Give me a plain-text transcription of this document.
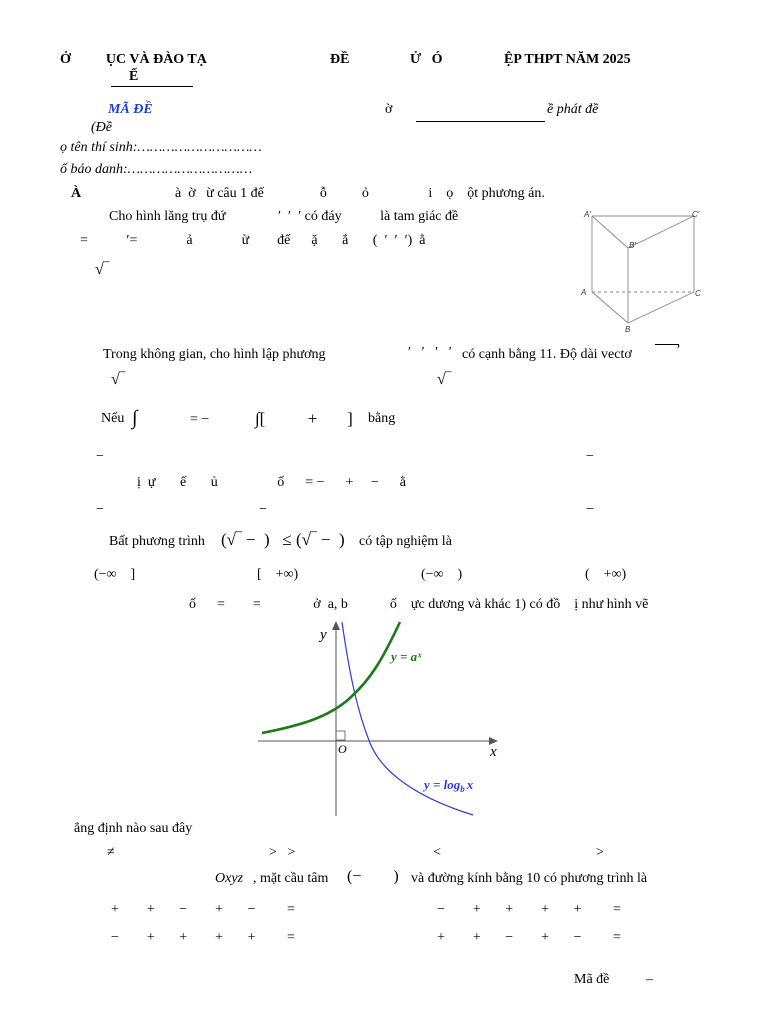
Ở          ỤC VÀ ĐÀO TẠ
Ế
ĐỀ	Ử   Ó	ỆP THPT NĂM 2025
MÃ ĐỀ
(Đề
ờ	ề phát đề
ọ tên thí sinh:…………………………
ố báo danh:…………………………
À	à  ờ   ừ câu 1 đế                ỗ          ỏ                 i    ọ    ột phương án.
Cho hình lăng trụ đứ               ′  ′  ′ có đáy           là tam giác đề
=           ′=              ả              ừ        đế      ặ       ắ       (  ′  ′  ′)  ằ
√‾
A′	C′
B′
A	C
B
Trong không gian, cho hình lập phương	′   ′   ′   ′ có cạnh bằng 11. Độ dài vectơ	′
√‾	√‾
Nếu ∫	= −	∫[          +       ] bằng
−	−
ị  ự       ế       ủ                 ố      = −      +     −      ằ
−	−	−
Bất phương trình (√‾ −  )   ≤ (√‾ −  ) có tập nghiệm là
(−∞    ]	[    +∞)	(−∞    )	(    +∞)
ố      =        =               ở  a, b            ố    ực dương và khác 1) có đồ    ị như hình vẽ
y
x
O
y = aˣ
$y = \log_b x$
ẳng định nào sau đây
≠	>   >	<	>
Oxyz , mặt cầu tâm (−        ) và đường kính bằng 10 có phương trình là
+        +       −        +       −         =	−        +       +        +       +         =
−        +       +        +       +         =	+        +       −        +       −         =
Mã đề	–
